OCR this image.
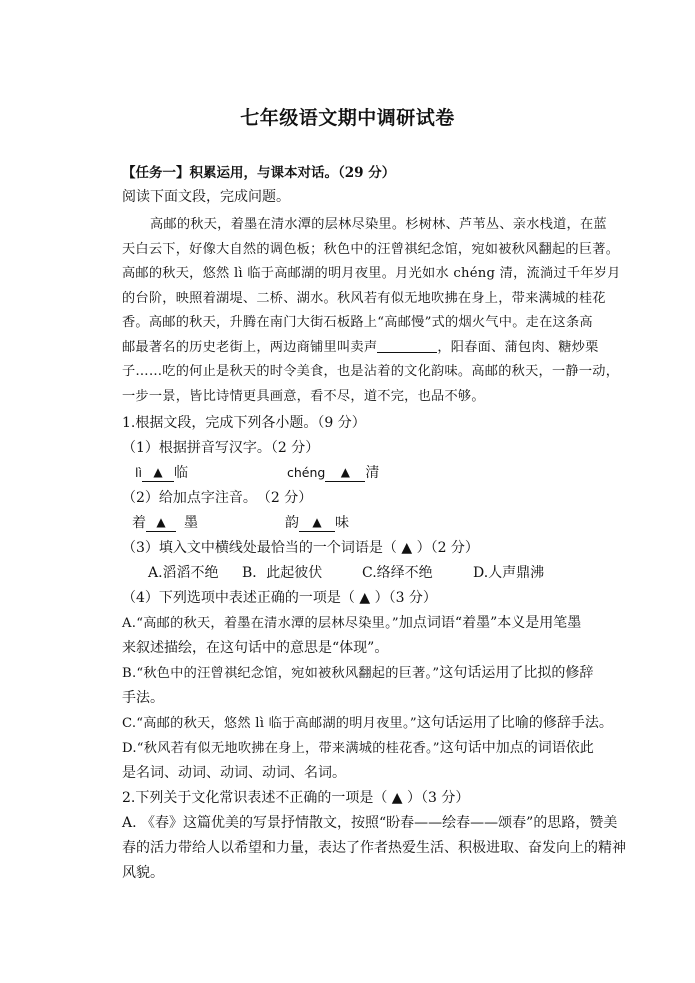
七年级语文期中调研试卷
【任务一】积累运用，与课本对话。（29 分）
阅读下面文段，完成问题。
高邮的秋天，着墨在清水潭的层林尽染里。杉树林、芦苇丛、亲水栈道，在蓝
天白云下，好像大自然的调色板；秋色中的汪曾祺纪念馆，宛如被秋风翻起的巨著。
高邮的秋天，悠然 lì 临于高邮湖的明月夜里。月光如水 chéng 清，流淌过千年岁月
的台阶，映照着湖堤、二桥、湖水。秋风若有似无地吹拂在身上，带来满城的桂花
香。高邮的秋天，升腾在南门大街石板路上“高邮慢”式的烟火气中。走在这条高
邮最著名的历史老街上，两边商铺里叫卖声	，阳春面、蒲包肉、糖炒栗
子……吃的何止是秋天的时令美食，也是沾着的文化韵味。高邮的秋天，一静一动，
一步一景，皆比诗情更具画意，看不尽，道不完，也品不够。
1.根据文段，完成下列各小题。（9 分）
（1）根据拼音写汉字。（2 分）
lì ▲ 临	chéng ▲ 清
（2）给加点字注音。　（2 分）
着 ▲ 墨	韵 ▲ 味
（3）填入文中横线处最恰当的一个词语是（ ▲ ）（2 分）
A.滔滔不绝 B．此起彼伏	C.络绎不绝	D.人声鼎沸
（4）下列选项中表述正确的一项是（ ▲ ）（3 分）
A.“高邮的秋天，着墨在清水潭的层林尽染里。”加点词语“着墨”本义是用笔墨
来叙述描绘，在这句话中的意思是“体现”。
B.“秋色中的汪曾祺纪念馆，宛如被秋风翻起的巨著。”这句话运用了比拟的修辞
手法。
C.“高邮的秋天，悠然 lì 临于高邮湖的明月夜里。”这句话运用了比喻的修辞手法。
D.“秋风若有似无地吹拂在身上，带来满城的桂花香。”这句话中加点的词语依此
是名词、动词、动词、动词、名词。
2.下列关于文化常识表述不正确的一项是（ ▲ ）（3 分）
A. 《春》这篇优美的写景抒情散文，按照“盼春——绘春——颂春”的思路，赞美
春的活力带给人以希望和力量，表达了作者热爱生活、积极进取、奋发向上的精神
风貌。
